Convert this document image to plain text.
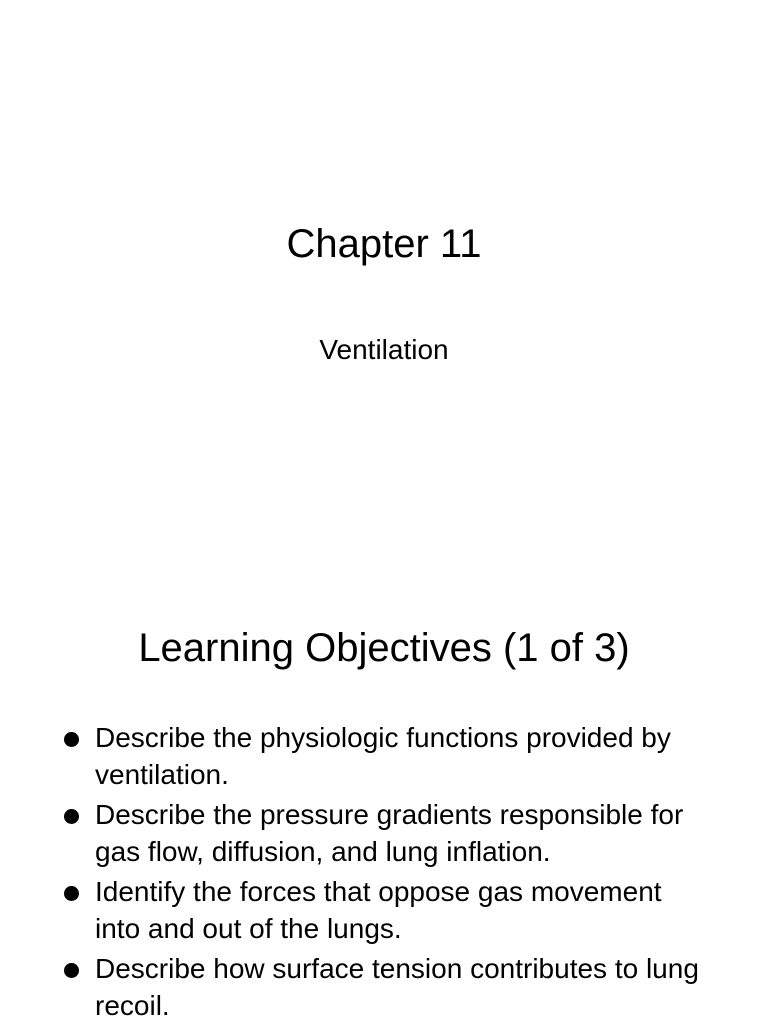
Chapter 11
Ventilation
Learning Objectives (1 of 3)
Describe the physiologic functions provided by ventilation.
Describe the pressure gradients responsible for gas flow, diffusion, and lung inflation.
Identify the forces that oppose gas movement into and out of the lungs.
Describe how surface tension contributes to lung recoil.
